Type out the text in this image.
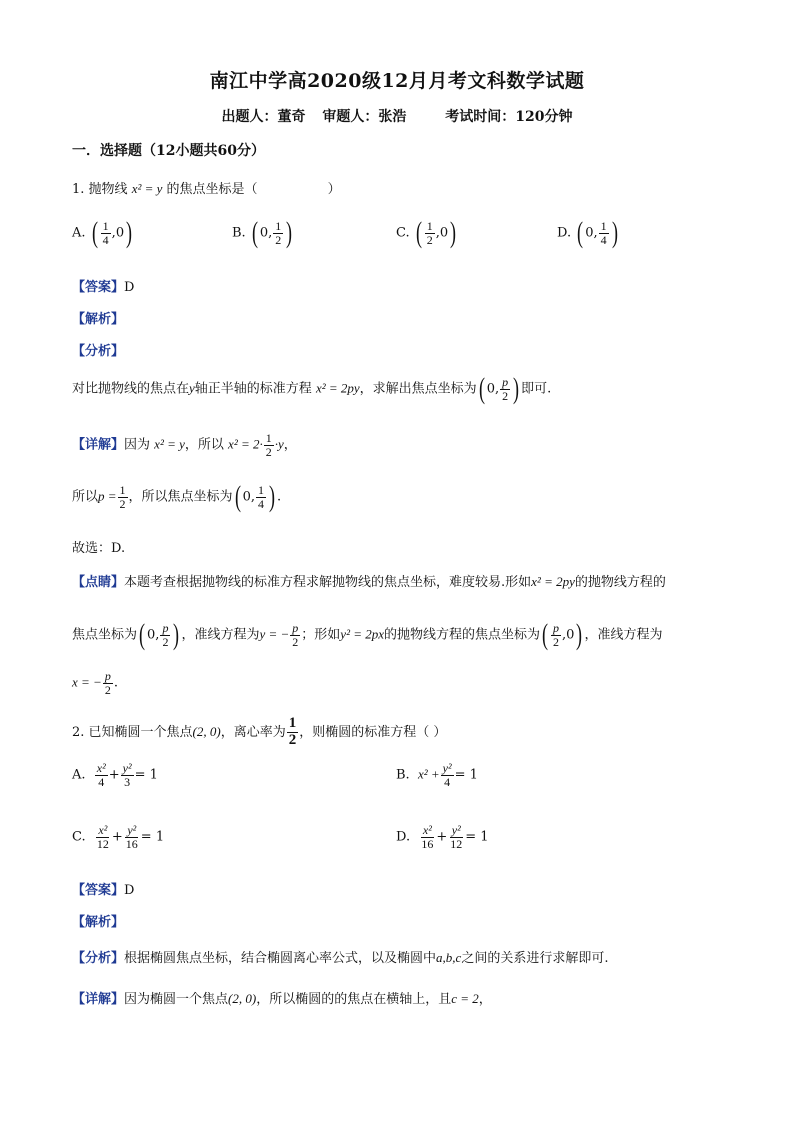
南江中学高2020级12月月考文科数学试题
出题人：董奇 审题人：张浩	考试时间：120分钟
一．选择题（12小题共60分）
1. 抛物线 x² = y 的焦点坐标是（	）
A. ( $\frac{1}{4} ,0$)	B. ( 0, $\frac{1}{2}$ )	C. ( $\frac{1}{2} ,0$)	D. ( 0, $\frac{1}{4}$ )
【答案】D
【解析】
【分析】
对比抛物线的焦点在y轴正半轴的标准方程 x² = 2py，求解出焦点坐标为( 0, $\frac{p}{2}$ ) 即可.
【详解】因为 x² = y，所以 $x^2 = 2\cdot \frac{1}{2} \cdot y$，
所以$p = \frac{1}{2}$ ，所以焦点坐标为( 0, $\frac{1}{4}$ ) .
故选：D.
【点睛】本题考查根据抛物线的标准方程求解抛物线的焦点坐标，难度较易.形如x² = 2py的抛物线方程的
焦点坐标为( 0, $\frac{p}{2}$ ) ，准线方程为y = − $\frac{p}{2}$ ；形如y² = 2px的抛物线方程的焦点坐标为( $\frac{p}{2} ,0$) ，准线方程为
x = − $\frac{p}{2}$ .
2. 已知椭圆一个焦点(2, 0)，离心率为 $\frac{1}{2}$ ，则椭圆的标准方程（ ）
A. $\frac{\text{x²}}{4} + \frac{\text{y²}}{3} = 1$	B. $x^2 + \frac{\text{y²}}{4} = 1$
C. $\frac{\text{x²}}{12} + \frac{\text{y²}}{16} = 1$	D. $\frac{\text{x²}}{16} + \frac{\text{y²}}{12} = 1$
【答案】D
【解析】
【分析】根据椭圆焦点坐标，结合椭圆离心率公式，以及椭圆中a,b,c之间的关系进行求解即可.
【详解】因为椭圆一个焦点(2, 0)，所以椭圆的的焦点在横轴上，且c = 2，
